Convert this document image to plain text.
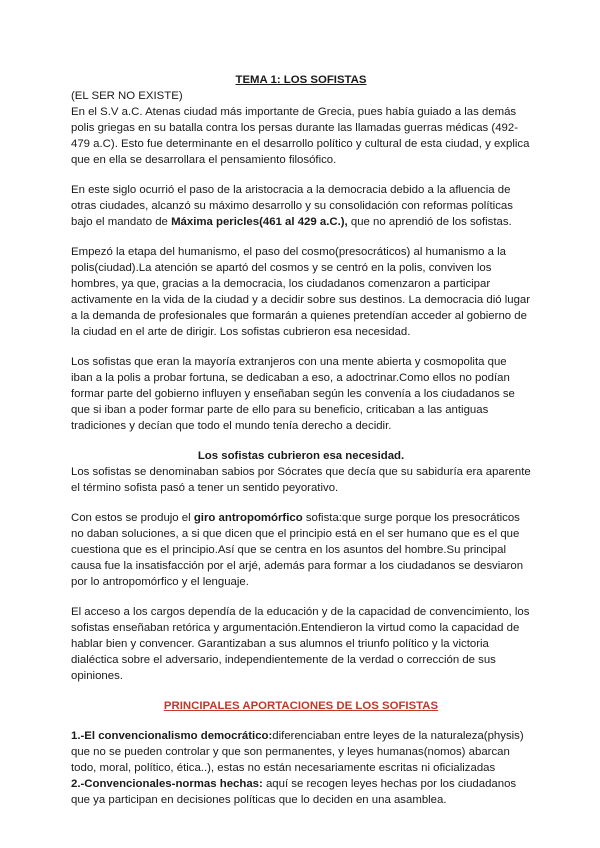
TEMA 1: LOS SOFISTAS

(EL SER NO EXISTE)

En el S.V a.C. Atenas ciudad más importante de Grecia, pues había guiado a las demás polis griegas en su batalla contra los persas durante las llamadas guerras médicas (492-479 a.C). Esto fue determinante en el desarrollo político y cultural de esta ciudad, y explica que en ella se desarrollara el pensamiento filosófico.

En este siglo ocurrió el paso de la aristocracia a la democracia debido a la afluencia de otras ciudades, alcanzó su máximo desarrollo y su consolidación con reformas políticas bajo el mandato de Máxima pericles(461 al 429 a.C.), que no aprendió de los sofistas.

Empezó la etapa del humanismo, el paso del cosmo(presocráticos) al humanismo a la polis(ciudad).La atención se apartó del cosmos y se centró en la polis, conviven los hombres, ya que, gracias a la democracia, los ciudadanos comenzaron a participar activamente en la vida de la ciudad y a decidir sobre sus destinos. La democracia dió lugar a la demanda de profesionales que formarán a quienes pretendían acceder al gobierno de la ciudad en el arte de dirigir. Los sofistas cubrieron esa necesidad.

Los sofistas que eran la mayoría extranjeros con una mente abierta y cosmopolita que iban a la polis a probar fortuna, se dedicaban a eso, a adoctrinar.Como ellos no podían formar parte del gobierno influyen y enseñaban según les convenía a los ciudadanos se que si iban a poder formar parte de ello para su beneficio, criticaban a las antiguas tradiciones y decían que todo el mundo tenía derecho a decidir.

Los sofistas cubrieron esa necesidad.

Los sofistas se denominaban sabios por Sócrates que decía que su sabiduría era aparente el término sofista pasó a tener un sentido peyorativo.

Con estos se produjo el giro antropomórfico sofista:que surge porque los presocráticos no daban soluciones, a si que dicen que el principio está en el ser humano que es el que cuestiona que es el principio.Así que se centra en los asuntos del hombre.Su principal causa fue la insatisfacción por el arjé, además para formar a los ciudadanos se desviaron por lo antropomórfico y el lenguaje.

El acceso a los cargos dependía de la educación y de la capacidad de convencimiento, los sofistas enseñaban retórica y argumentación.Entendieron la virtud como la capacidad de hablar bien y convencer. Garantizaban a sus alumnos el triunfo político y la victoria dialéctica sobre el adversario, independientemente de la verdad o corrección de sus opiniones.

PRINCIPALES APORTACIONES DE LOS SOFISTAS

1.-El convencionalismo democrático:diferenciaban entre leyes de la naturaleza(physis) que no se pueden controlar y que son permanentes, y leyes humanas(nomos) abarcan todo, moral, político, ética..), estas no están necesariamente escritas ni oficializadas

2.-Convencionales-normas hechas: aquí se recogen leyes hechas por los ciudadanos que ya participan en decisiones políticas que lo deciden en una asamblea.
